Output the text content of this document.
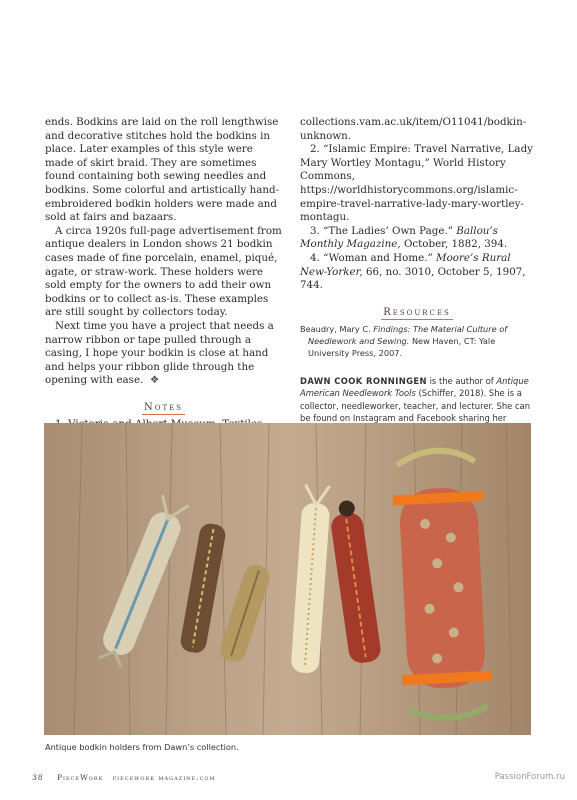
ends. Bodkins are laid on the roll lengthwise and decorative stitches hold the bodkins in place. Later examples of this style were made of skirt braid. They are sometimes found containing both sewing needles and bodkins. Some colorful and artistically hand-embroidered bodkin holders were made and sold at fairs and bazaars.

A circa 1920s full-page advertisement from antique dealers in London shows 21 bodkin cases made of fine porcelain, enamel, piqué, agate, or straw-work. These holders were sold empty for the owners to add their own bodkins or to collect as-is. These examples are still sought by collectors today.

Next time you have a project that needs a narrow ribbon or tape pulled through a casing, I hope your bodkin is close at hand and helps your ribbon glide through the opening with ease. ❖

Notes

collections.vam.ac.uk/item/O11041/bodkin-unknown.

2. “Islamic Empire: Travel Narrative, Lady Mary Wortley Montagu,” World History Commons, https://worldhistorycommons.org/islamic-empire-travel-narrative-lady-mary-wortley-montagu.

3. “The Ladies’ Own Page.” Ballou’s Monthly Magazine, October, 1882, 394.

4. “Woman and Home.” Moore’s Rural New-Yorker, 66, no. 3010, October 5, 1907, 744.

Resources

Beaudry, Mary C. Findings: The Material Culture of Needlework and Sewing. New Haven, CT: Yale University Press, 2007.

DAWN COOK RONNINGEN is the author of Antique American Needlework Tools (Schiffer, 2018). She is a collector, needleworker, teacher, and lecturer. She can be found on Instagram and Facebook sharing her

Antique bodkin holders from Dawn’s collection.
38 PieceWork piecework magazine.com	PassionForum.ru
